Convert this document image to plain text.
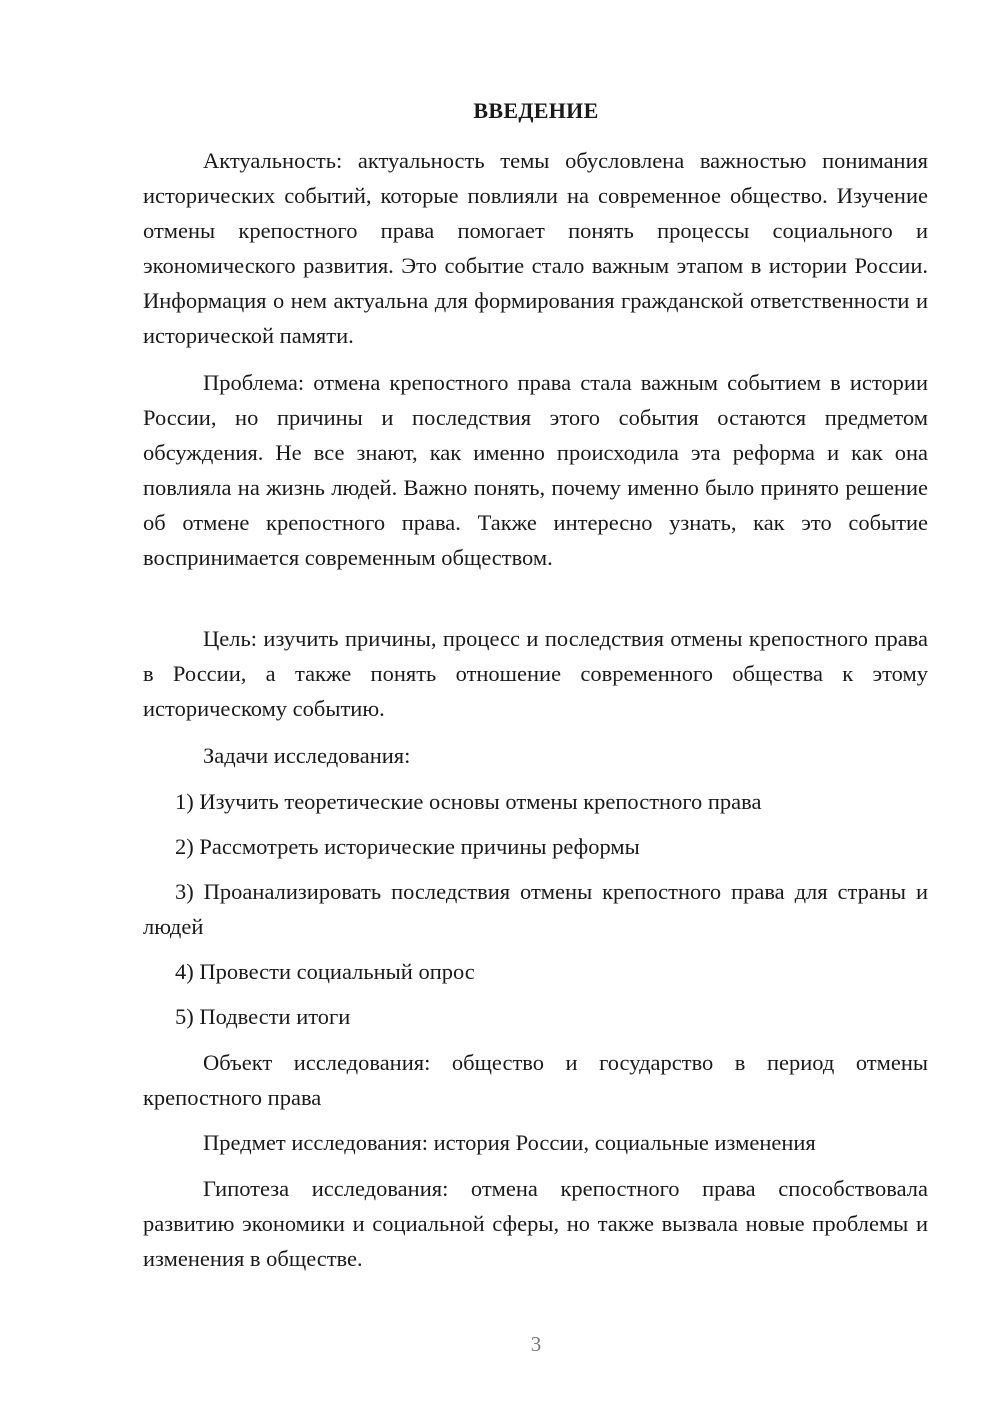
ВВЕДЕНИЕ

Актуальность: актуальность темы обусловлена важностью понимания исторических событий, которые повлияли на современное общество. Изучение отмены крепостного права помогает понять процессы социального и экономического развития. Это событие стало важным этапом в истории России. Информация о нем актуальна для формирования гражданской ответственности и исторической памяти.

Проблема: отмена крепостного права стала важным событием в истории России, но причины и последствия этого события остаются предметом обсуждения. Не все знают, как именно происходила эта реформа и как она повлияла на жизнь людей. Важно понять, почему именно было принято решение об отмене крепостного права. Также интересно узнать, как это событие воспринимается современным обществом.

Цель: изучить причины, процесс и последствия отмены крепостного права в России, а также понять отношение современного общества к этому историческому событию.

Задачи исследования:

1) Изучить теоретические основы отмены крепостного права

2) Рассмотреть исторические причины реформы

3) Проанализировать последствия отмены крепостного права для страны и людей

4) Провести социальный опрос

5) Подвести итоги

Объект исследования: общество и государство в период отмены крепостного права

Предмет исследования: история России, социальные изменения

Гипотеза исследования: отмена крепостного права способствовала развитию экономики и социальной сферы, но также вызвала новые проблемы и изменения в обществе.

3
